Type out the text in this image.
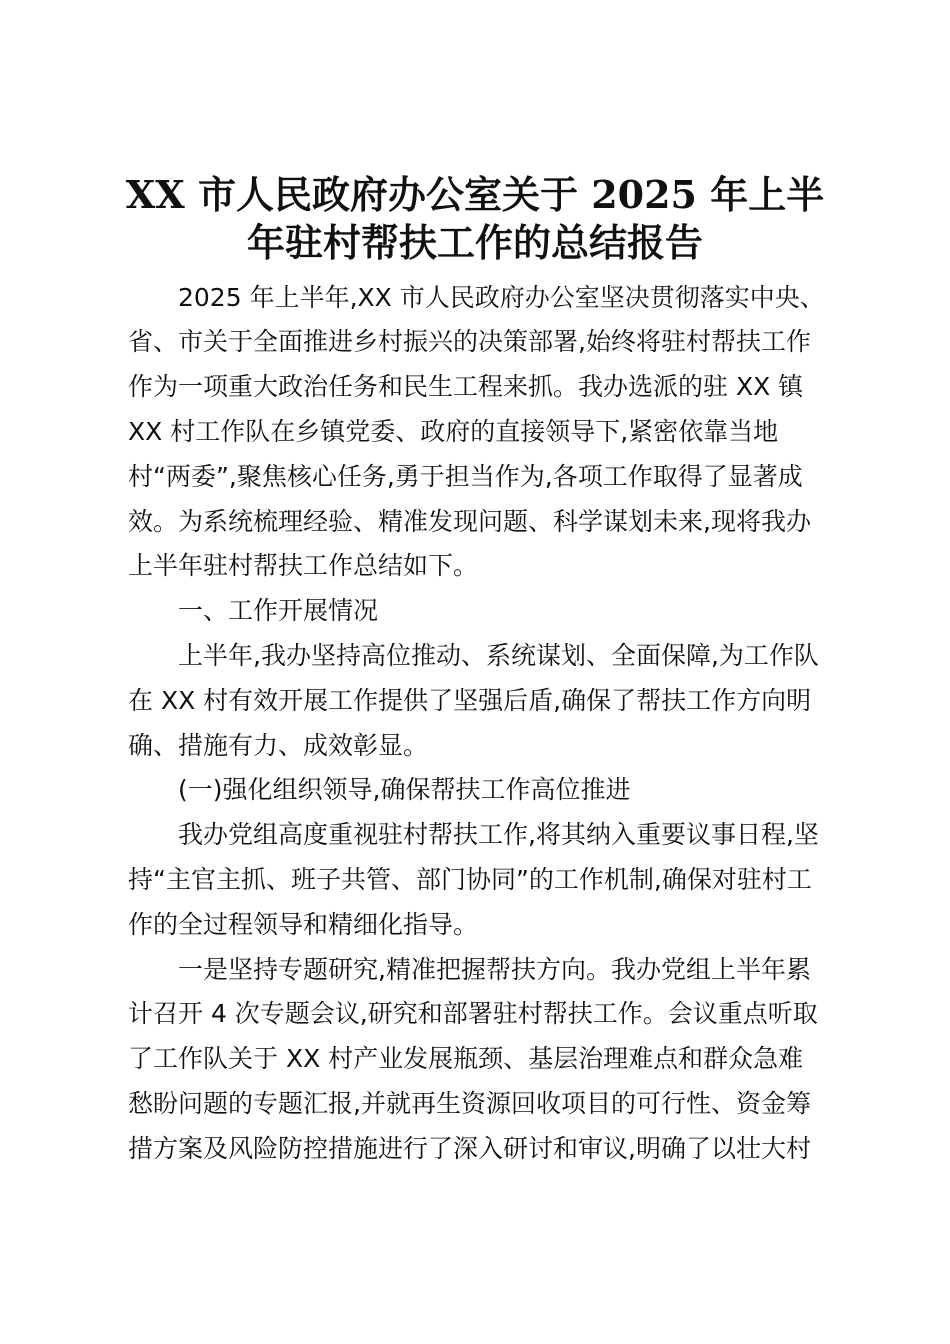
XX 市人民政府办公室关于 2025 年上半
年驻村帮扶工作的总结报告
2025 年上半年,XX 市人民政府办公室坚决贯彻落实中央、
省、市关于全面推进乡村振兴的决策部署,始终将驻村帮扶工作
作为一项重大政治任务和民生工程来抓。我办选派的驻 XX 镇
XX 村工作队在乡镇党委、政府的直接领导下,紧密依靠当地
村“两委”,聚焦核心任务,勇于担当作为,各项工作取得了显著成
效。为系统梳理经验、精准发现问题、科学谋划未来,现将我办
上半年驻村帮扶工作总结如下。
一、工作开展情况
上半年,我办坚持高位推动、系统谋划、全面保障,为工作队
在 XX 村有效开展工作提供了坚强后盾,确保了帮扶工作方向明
确、措施有力、成效彰显。
(一)强化组织领导,确保帮扶工作高位推进
我办党组高度重视驻村帮扶工作,将其纳入重要议事日程,坚
持“主官主抓、班子共管、部门协同”的工作机制,确保对驻村工
作的全过程领导和精细化指导。
一是坚持专题研究,精准把握帮扶方向。我办党组上半年累
计召开 4 次专题会议,研究和部署驻村帮扶工作。会议重点听取
了工作队关于 XX 村产业发展瓶颈、基层治理难点和群众急难
愁盼问题的专题汇报,并就再生资源回收项目的可行性、资金筹
措方案及风险防控措施进行了深入研讨和审议,明确了以壮大村
